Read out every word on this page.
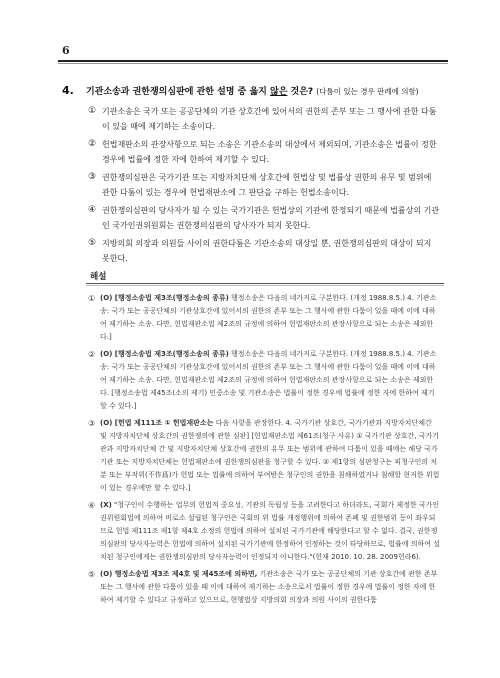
6
4. 기관소송과 권한쟁의심판에 관한 설명 중 옳지 않은 것은? (다툼이 있는 경우 판례에 의함)
① 기관소송은 국가 또는 공공단체의 기관 상호간에 있어서의 권한의 존부 또는 그 행사에 관한 다툼이 있을 때에 제기하는 소송이다.
② 헌법재판소의 관장사항으로 되는 소송은 기관소송의 대상에서 제외되며, 기관소송은 법률이 정한 경우에 법률에 정한 자에 한하여 제기할 수 있다.
③ 권한쟁의심판은 국가기관 또는 지방자치단체 상호간에 헌법상 및 법률상 권한의 유무 및 범위에 관한 다툼이 있는 경우에 헌법재판소에 그 판단을 구하는 헌법소송이다.
④ 권한쟁의심판의 당사자가 될 수 있는 국가기관은 헌법상의 기관에 한정되기 때문에 법률상의 기관인 국가인권위원회는 권한쟁의심판의 당사자가 되지 못한다.
⑤ 지방의회 의장과 의원들 사이의 권한다툼은 기관소송의 대상일 뿐, 권한쟁의심판의 대상이 되지 못한다.
해설
① (O) [행정소송법 제3조(행정소송의 종류) 행정소송은 다음의 네가지로 구분한다. (개정 1988.8.5.) 4. 기관소송: 국가 또는 공공단체의 기관상호간에 있어서의 권한의 존부 또는 그 행사에 관한 다툼이 있을 때에 이에 대하여 제기하는 소송. 다만, 헌법재판소법 제2조의 규정에 의하여 헌법재판소의 관장사항으로 되는 소송은 제외한다.]
② (O) [행정소송법 제3조(행정소송의 종류) 행정소송은 다음의 네가지로 구분한다. (개정 1988.8.5.) 4. 기관소송: 국가 또는 공공단체의 기관상호간에 있어서의 권한의 존부 또는 그 행사에 관한 다툼이 있을 때에 이에 대하여 제기하는 소송. 다만, 헌법재판소법 제2조의 규정에 의하여 헌법재판소의 관장사항으로 되는 소송은 제외한다. [행정소송법 제45조(소의 제기) 민중소송 및 기관소송은 법률이 정한 경우에 법률에 정한 자에 한하여 제기할 수 있다.]
③ (O) [헌법 제111조 ① 헌법재판소는 다음 사항을 관장한다. 4. 국가기관 상호간, 국가기관과 지방자치단체간 및 지방자치단체 상호간의 권한쟁의에 관한 심판] [헌법재판소법 제61조(청구 사유) ① 국가기관 상호간, 국가기관과 지방자치단체 간 및 지방자치단체 상호간에 권한의 유무 또는 범위에 관하여 다툼이 있을 때에는 해당 국가기관 또는 지방자치단체는 헌법재판소에 권한쟁의심판을 청구할 수 있다. ② 제1항의 심판청구는 피청구인의 처분 또는 부작위(不作爲)가 헌법 또는 법률에 의하여 부여받은 청구인의 권한을 침해하였거나 침해할 현저한 위험이 있는 경우에만 할 수 있다.]
④ (X) "청구인이 수행하는 업무의 헌법적 중요성, 기관의 독립성 등을 고려한다고 하더라도, 국회가 제정한 국가인권위원회법에 의하여 비로소 설립된 청구인은 국회의 위 법률 개정행위에 의하여 존폐 및 권한범위 등이 좌우되므로 헌법 제111조 제1항 제4호 소정의 헌법에 의하여 설치된 국가기관에 해당한다고 할 수 없다. 결국, 권한쟁의심판의 당사자능력은 헌법에 의하여 설치된 국가기관에 한정하여 인정하는 것이 타당하므로, 법률에 의하여 설치된 청구인에게는 권한쟁의심판의 당사자능력이 인정되지 아니한다."(헌재 2010. 10. 28. 2009헌라6).
⑤ (O) 행정소송법 제3조 제4호 및 제45조에 의하면, 기관소송은 국가 또는 공공단체의 기관 상호간에 관한 존부 또는 그 행사에 관한 다툼이 있을 때 이에 대하여 제기하는 소송으로서 법률이 정한 경우에 법률이 정한 자에 한하여 제기할 수 있다고 규정하고 있으므로, 현행법상 지방의회 의장과 의원 사이의 권한다툼
